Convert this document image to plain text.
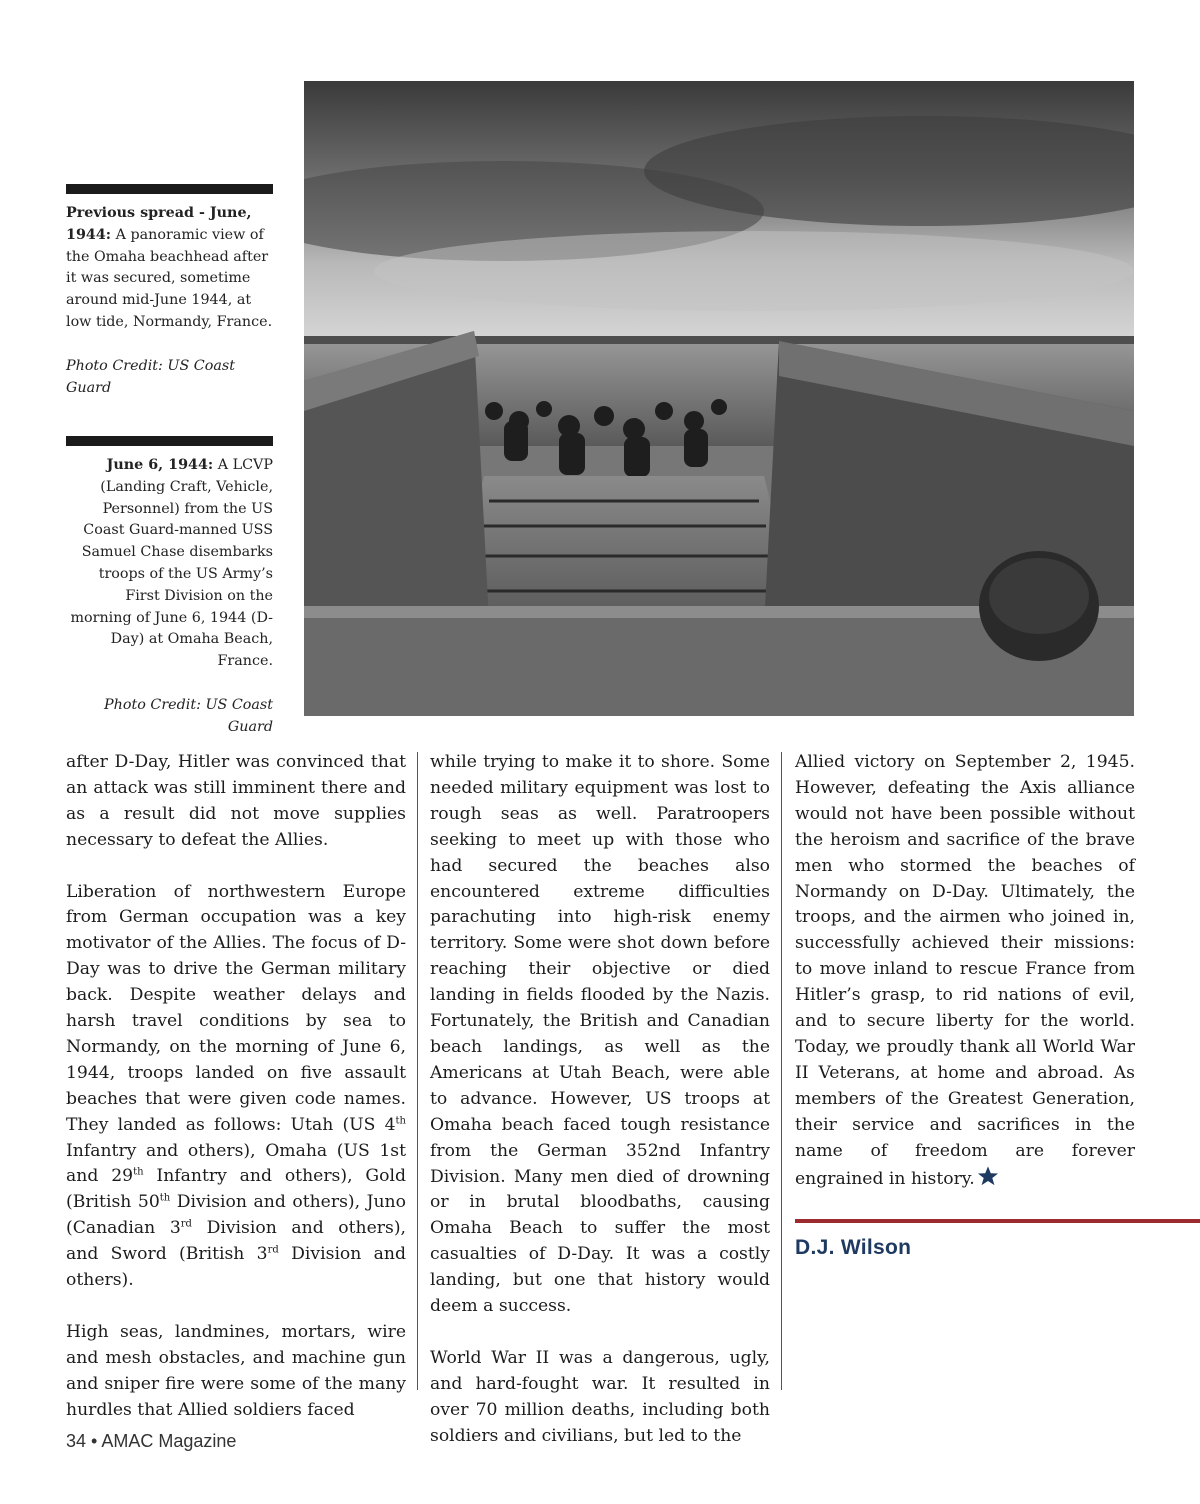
Previous spread - June, 1944: A panoramic view of the Omaha beachhead after it was secured, sometime around mid-June 1944, at low tide, Normandy, France.
Photo Credit: US Coast Guard
June 6, 1944: A LCVP (Landing Craft, Vehicle, Personnel) from the US Coast Guard-manned USS Samuel Chase disembarks troops of the US Army’s First Division on the morning of June 6, 1944 (D-Day) at Omaha Beach, France.
Photo Credit: US Coast Guard

after D-Day, Hitler was convinced that an attack was still imminent there and as a result did not move supplies necessary to defeat the Allies.

Liberation of northwestern Europe from German occupation was a key motivator of the Allies. The focus of D-Day was to drive the German military back. Despite weather delays and harsh travel conditions by sea to Normandy, on the morning of June 6, 1944, troops landed on five assault beaches that were given code names. They landed as follows: Utah (US 4th Infantry and others), Omaha (US 1st and 29th Infantry and others), Gold (British 50th Division and others), Juno (Canadian 3rd Division and others), and Sword (British 3rd Division and others).

High seas, landmines, mortars, wire and mesh obstacles, and machine gun and sniper fire were some of the many hurdles that Allied soldiers faced

while trying to make it to shore. Some needed military equipment was lost to rough seas as well. Paratroopers seeking to meet up with those who had secured the beaches also encountered extreme difficulties parachuting into high-risk enemy territory. Some were shot down before reaching their objective or died landing in fields flooded by the Nazis. Fortunately, the British and Canadian beach landings, as well as the Americans at Utah Beach, were able to advance. However, US troops at Omaha beach faced tough resistance from the German 352nd Infantry Division. Many men died of drowning or in brutal bloodbaths, causing Omaha Beach to suffer the most casualties of D-Day. It was a costly landing, but one that history would deem a success.

World War II was a dangerous, ugly, and hard-fought war. It resulted in over 70 million deaths, including both soldiers and civilians, but led to the

Allied victory on September 2, 1945. However, defeating the Axis alliance would not have been possible without the heroism and sacrifice of the brave men who stormed the beaches of Normandy on D-Day. Ultimately, the troops, and the airmen who joined in, successfully achieved their missions: to move inland to rescue France from Hitler’s grasp, to rid nations of evil, and to secure liberty for the world. Today, we proudly thank all World War II Veterans, at home and abroad. As members of the Greatest Generation, their service and sacrifices in the name of freedom are forever engrained in history.

D.J. Wilson
34 • AMAC Magazine
